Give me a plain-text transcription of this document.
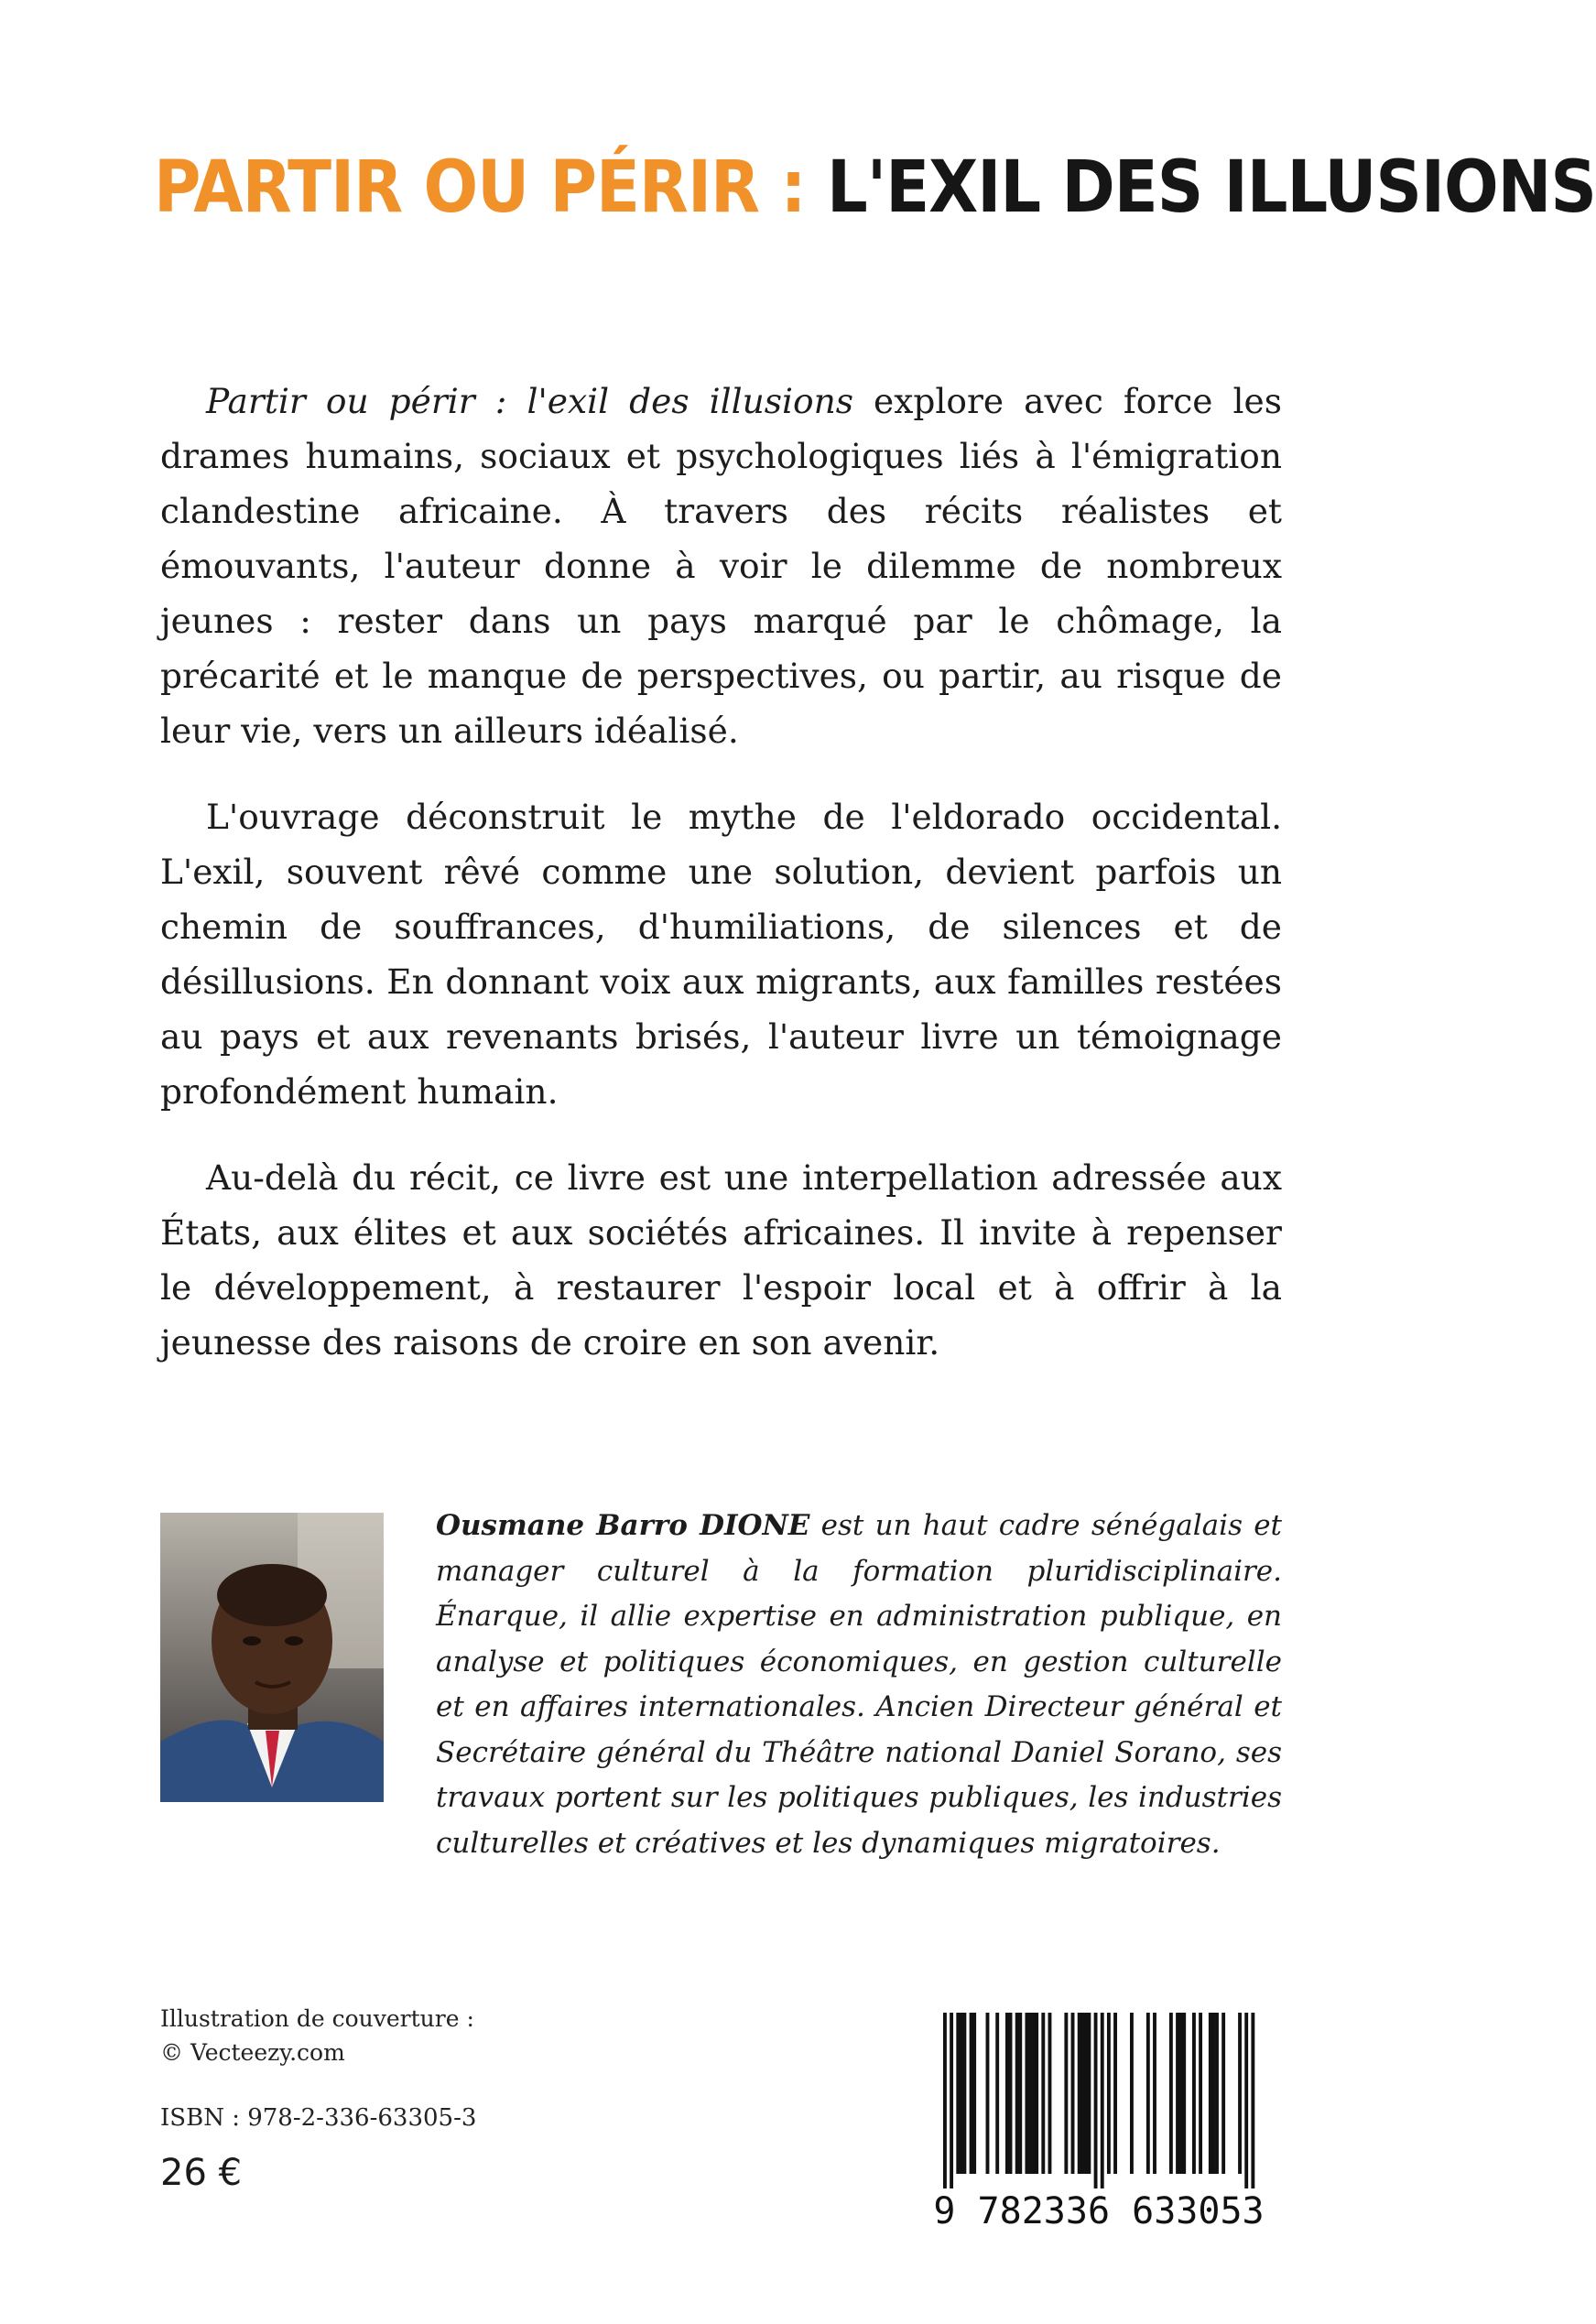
PARTIR OU PÉRIR : L'EXIL DES ILLUSIONS

Partir ou périr : l'exil des illusions explore avec force les drames humains, sociaux et psychologiques liés à l'émigration clandestine africaine. À travers des récits réalistes et émouvants, l'auteur donne à voir le dilemme de nombreux jeunes : rester dans un pays marqué par le chômage, la précarité et le manque de perspectives, ou partir, au risque de leur vie, vers un ailleurs idéalisé.

L'ouvrage déconstruit le mythe de l'eldorado occidental. L'exil, souvent rêvé comme une solution, devient parfois un chemin de souffrances, d'humiliations, de silences et de désillusions. En donnant voix aux migrants, aux familles restées au pays et aux revenants brisés, l'auteur livre un témoignage profondément humain.

Au-delà du récit, ce livre est une interpellation adressée aux États, aux élites et aux sociétés africaines. Il invite à repenser le développement, à restaurer l'espoir local et à offrir à la jeunesse des raisons de croire en son avenir.

Ousmane Barro DIONE est un haut cadre sénégalais et manager culturel à la formation pluridisciplinaire. Énarque, il allie expertise en administration publique, en analyse et politiques économiques, en gestion culturelle et en affaires internationales. Ancien Directeur général et Secrétaire général du Théâtre national Daniel Sorano, ses travaux portent sur les politiques publiques, les industries culturelles et créatives et les dynamiques migratoires.
Illustration de couverture : © Vecteezy.com
ISBN : 978-2-336-63305-3
26 €
9 782336 633053
